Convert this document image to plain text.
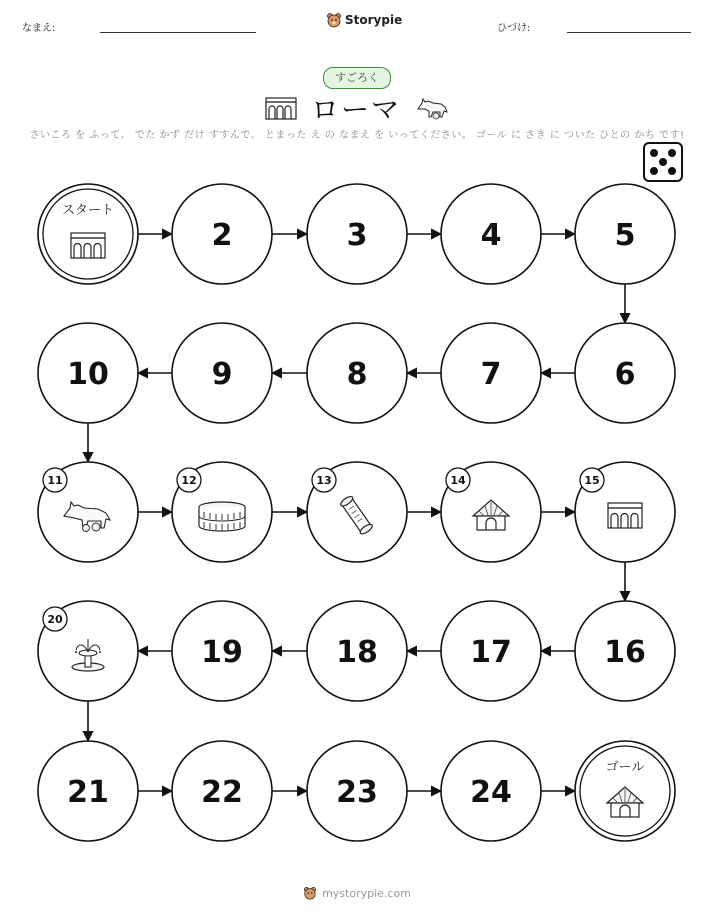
なまえ:
Storypie
ひづけ:
すごろく
ローマ
さいころ を ふって、 でた かず だけ すすんで、 とまった え の なまえ を いってください。 ゴール に さき に ついた ひとの かち です!
スタート
2	3	4	5
6
7
8
9
10
11	12	13	14	15
16
17
18
19
20
21	22	23	24
ゴール
mystorypie.com
